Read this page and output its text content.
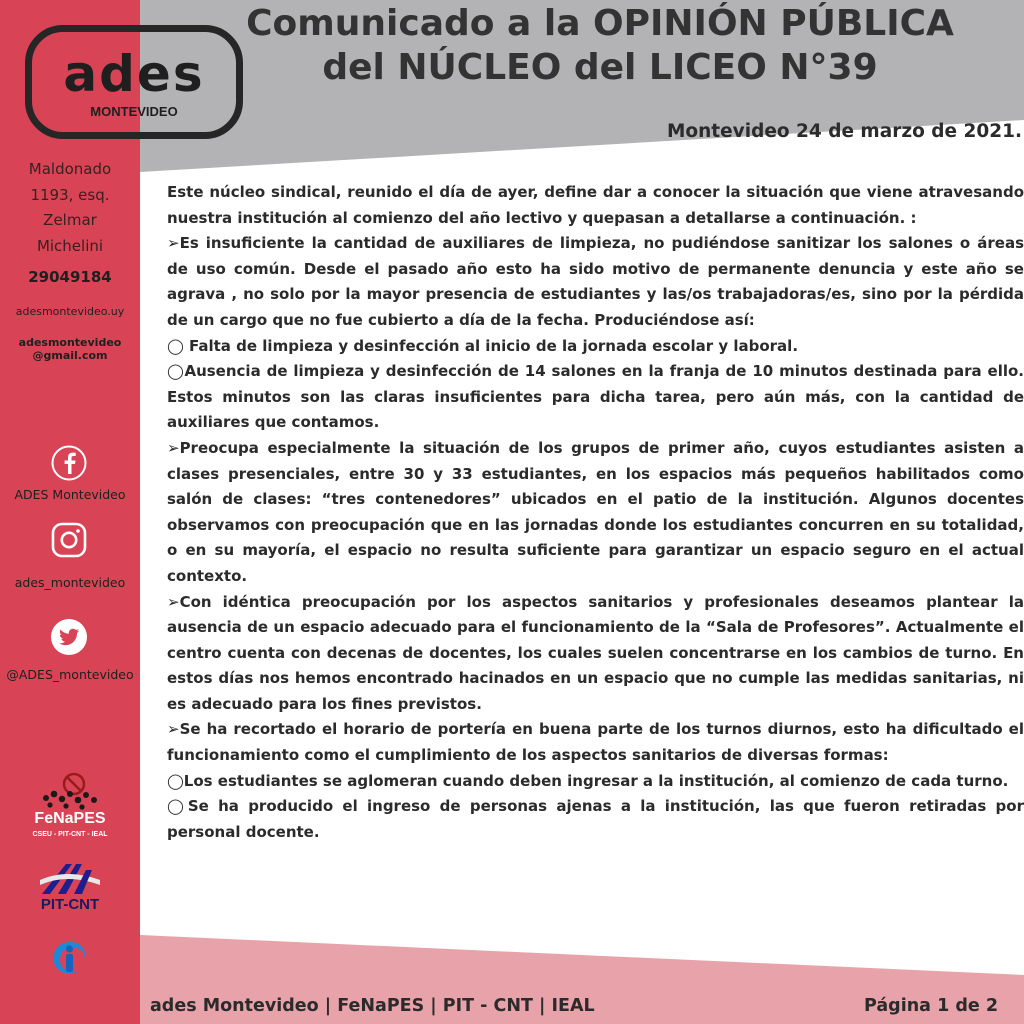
Maldonado
1193, esq.
Zelmar
Michelini
29049184
adesmontevideo.uy
adesmontevideo
@gmail.com
ADES Montevideo
ades_montevideo
@ADES_montevideo
FeNaPES
CSEU - PIT-CNT - IEAL
PIT-CNT
ades
MONTEVIDEO
Comunicado a la OPINIÓN PÚBLICA
del NÚCLEO del LICEO N°39
Montevideo 24 de marzo de 2021.

Este núcleo sindical, reunido el día de ayer, define dar a conocer la situación que viene atravesando nuestra institución al comienzo del año lectivo y quepasan a detallarse a continuación. :

➢Es insuficiente la cantidad de auxiliares de limpieza, no pudiéndose sanitizar los salones o áreas de uso común. Desde el pasado año esto ha sido motivo de permanente denuncia y este año se agrava , no solo por la mayor presencia de estudiantes y las/os trabajadoras/es, sino por la pérdida de un cargo que no fue cubierto a día de la fecha. Produciéndose así:

◯ Falta de limpieza y desinfección al inicio de la jornada escolar y laboral.

◯Ausencia de limpieza y desinfección de 14 salones en la franja de 10 minutos destinada para ello. Estos minutos son las claras insuficientes para dicha tarea, pero aún más, con la cantidad de auxiliares que contamos.

➢Preocupa especialmente la situación de los grupos de primer año, cuyos estudiantes asisten a clases presenciales, entre 30 y 33 estudiantes, en los espacios más pequeños habilitados como salón de clases: “tres contenedores” ubicados en el patio de la institución. Algunos docentes observamos con preocupación que en las jornadas donde los estudiantes concurren en su totalidad, o en su mayoría, el espacio no resulta suficiente para garantizar un espacio seguro en el actual contexto.

➢Con idéntica preocupación por los aspectos sanitarios y profesionales deseamos plantear la ausencia de un espacio adecuado para el funcionamiento de la “Sala de Profesores”. Actualmente el centro cuenta con decenas de docentes, los cuales suelen concentrarse en los cambios de turno. En estos días nos hemos encontrado hacinados en un espacio que no cumple las medidas sanitarias, ni es adecuado para los fines previstos.

➢Se ha recortado el horario de portería en buena parte de los turnos diurnos, esto ha dificultado el funcionamiento como el cumplimiento de los aspectos sanitarios de diversas formas:

◯Los estudiantes se aglomeran cuando deben ingresar a la institución, al comienzo de cada turno.

◯Se ha producido el ingreso de personas ajenas a la institución, las que fueron retiradas por personal docente.

ades Montevideo | FeNaPES | PIT - CNT | IEAL	Página 1 de 2
